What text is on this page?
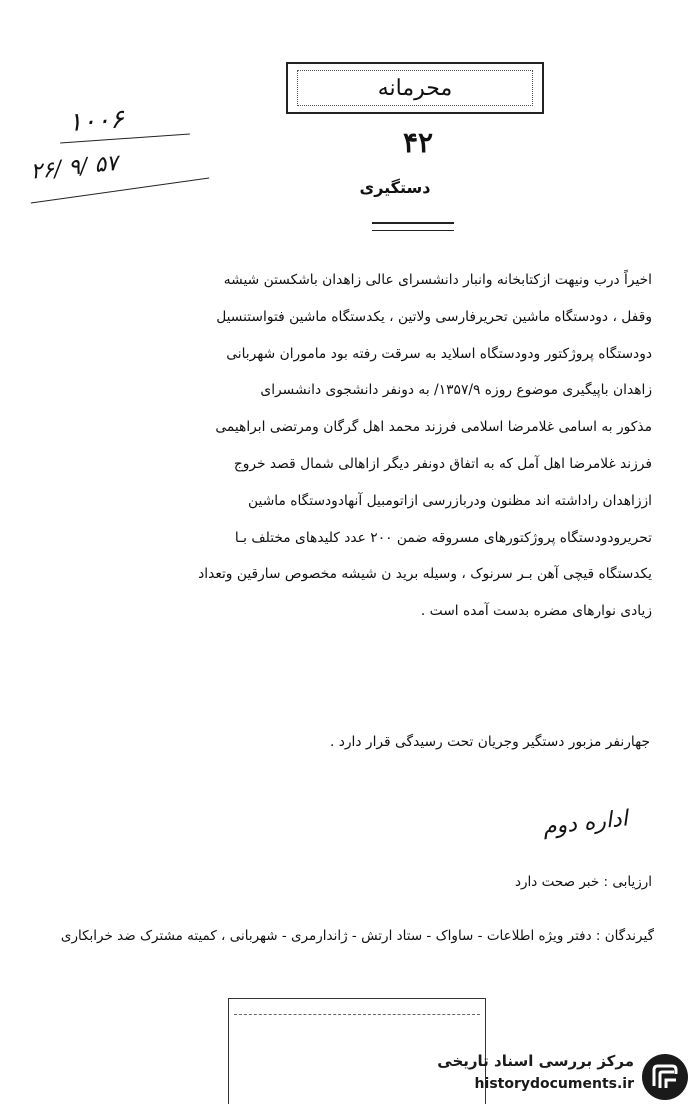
محرمانه
۱۰۰۶
۲۶/ ۹/ ۵۷
۴۲
دستگیری
اخیراً درب ونیهت ازکتابخانه وانبار دانشسرای عالی زاهدان باشکستن شیشه
وقفل ، دودستگاه ماشین تحریرفارسی ولاتین ، یکدستگاه ماشین فتواستنسیل
دودستگاه پروژکتور ودودستگاه اسلاید به سرقت رفته بود ماموران شهربانی
زاهدان باپیگیری موضوع روزه ۱۳۵۷/۹/ به دونفر دانشجوی دانشسرای
مذکور به اسامی غلامرضا اسلامی فرزند محمد اهل گرگان ومرتضی ابراهیمی
فرزند غلامرضا اهل آمل که به اتفاق دونفر دیگر ازاهالی شمال قصد خروج
اززاهدان راداشته اند مظنون ودربازرسی ازاتومبیل آنهادودستگاه ماشین
تحریرودودستگاه پروژکتورهای مسروقه ضمن ۲۰۰ عدد کلیدهای مختلف بـا
یکدستگاه قیچی آهن بـر سرنوک ، وسیله برید ن شیشه مخصوص سارقین وتعداد
زیادی نوارهای مضره بدست آمده است .
جهارنفر مزبور دستگیر وجریان تحت رسیدگی قرار دارد .
اداره دوم
ارزیابی : خبر صحت دارد
گیرندگان : دفتر ویژه اطلاعات - ساواک - ستاد ارتش - ژاندارمری - شهربانی ، کمیته مشترک ضد خرابکاری
مرکز بررسی اسناد تاریخی
historydocuments.ir
